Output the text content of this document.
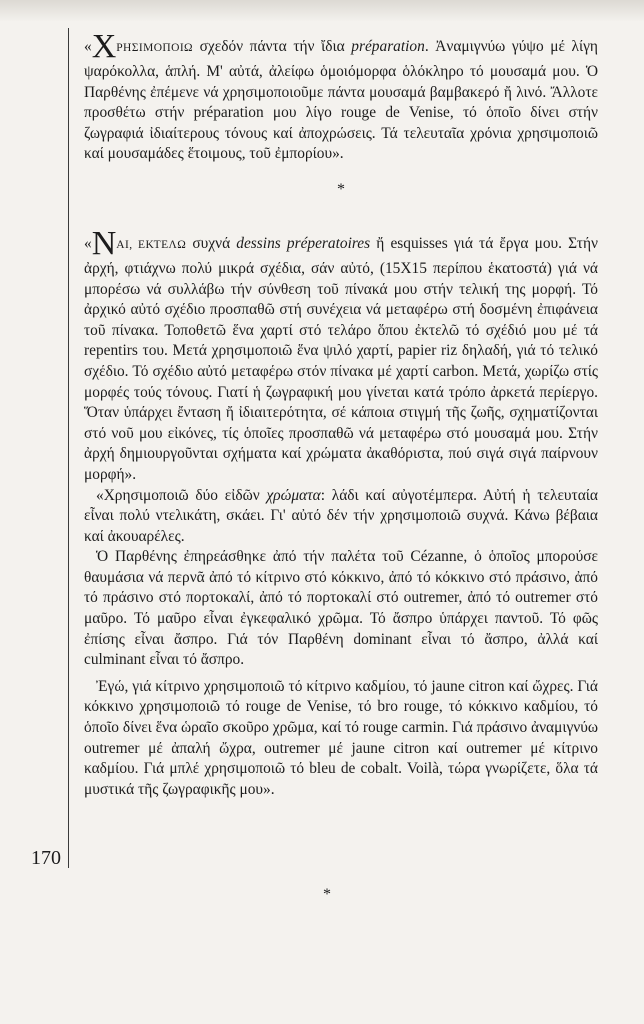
«ΧΡΗΣΙΜΟΠΟΙΩ σχεδόν πάντα τήν ἴδια préparation. Ἀναμιγνύω γύψο μέ λίγη ψαρόκολλα, ἁπλή. Μ' αὐτά, ἀλείφω ὁμοιόμορφα ὁλόκληρο τό μουσαμά μου. Ὁ Παρθένης ἐπέμενε νά χρησιμοποιοῦμε πάντα μουσαμά βαμβακερό ἤ λινό. Ἄλλοτε προσθέτω στήν préparation μου λίγο rouge de Venise, τό ὁποῖο δίνει στήν ζωγραφιά ἰδιαίτερους τόνους καί ἀποχρώσεις. Τά τελευταῖα χρόνια χρησιμοποιῶ καί μουσαμάδες ἕτοιμους, τοῦ ἐμπορίου».

*

«ΝΑΙ, ΕΚΤΕΛΩ συχνά dessins préperatoires ἤ esquisses γιά τά ἔργα μου. Στήν ἀρχή, φτιάχνω πολύ μικρά σχέδια, σάν αὐτό, (15Χ15 περίπου ἑκατοστά) γιά νά μπορέσω νά συλλάβω τήν σύνθεση τοῦ πίνακά μου στήν τελική της μορφή. Τό ἀρχικό αὐτό σχέδιο προσπαθῶ στή συνέχεια νά μεταφέρω στή δοσμένη ἐπιφάνεια τοῦ πίνακα. Τοποθετῶ ἕνα χαρτί στό τελάρο ὅπου ἐκτελῶ τό σχέδιό μου μέ τά repentirs του. Μετά χρησιμοποιῶ ἕνα ψιλό χαρτί, papier riz δηλαδή, γιά τό τελικό σχέδιο. Τό σχέδιο αὐτό μεταφέρω στόν πίνακα μέ χαρτί carbon. Μετά, χωρίζω στίς μορφές τούς τόνους. Γιατί ἡ ζωγραφική μου γίνεται κατά τρόπο ἀρκετά περίεργο. Ὅταν ὑπάρχει ἔνταση ἤ ἰδιαιτερότητα, σέ κάποια στιγμή τῆς ζωῆς, σχηματίζονται στό νοῦ μου εἰκόνες, τίς ὁποῖες προσπαθῶ νά μεταφέρω στό μουσαμά μου. Στήν ἀρχή δημιουργοῦνται σχήματα καί χρώματα ἀκαθόριστα, πού σιγά σιγά παίρνουν μορφή».

«Χρησιμοποιῶ δύο εἰδῶν χρώματα: λάδι καί αὐγοτέμπερα. Αὐτή ἡ τελευταία εἶναι πολύ ντελικάτη, σκάει. Γι' αὐτό δέν τήν χρησιμοποιῶ συχνά. Κάνω βέβαια καί ἀκουαρέλες.

Ὁ Παρθένης ἐπηρεάσθηκε ἀπό τήν παλέτα τοῦ Cézanne, ὁ ὁποῖος μπορούσε θαυμάσια νά περνᾶ ἀπό τό κίτρινο στό κόκκινο, ἀπό τό κόκκινο στό πράσινο, ἀπό τό πράσινο στό πορτοκαλί, ἀπό τό πορτοκαλί στό outremer, ἀπό τό outremer στό μαῦρο. Τό μαῦρο εἶναι ἐγκεφαλικό χρῶμα. Τό ἄσπρο ὑπάρχει παντοῦ. Τό φῶς ἐπίσης εἶναι ἄσπρο. Γιά τόν Παρθένη dominant εἶναι τό ἄσπρο, ἀλλά καί culminant εἶναι τό ἄσπρο.

Ἐγώ, γιά κίτρινο χρησιμοποιῶ τό κίτρινο καδμίου, τό jaune citron καί ὤχρες. Γιά κόκκινο χρησιμοποιῶ τό rouge de Venise, τό bro rouge, τό κόκκινο καδμίου, τό ὁποῖο δίνει ἕνα ὡραῖο σκοῦρο χρῶμα, καί τό rouge carmin. Γιά πράσινο ἀναμιγνύω outremer μέ ἀπαλή ὤχρα, outremer μέ jaune citron καί outremer μέ κίτρινο καδμίου. Γιά μπλέ χρησιμοποιῶ τό bleu de cobalt. Voilà, τώρα γνωρίζετε, ὅλα τά μυστικά τῆς ζωγραφικῆς μου».

170
*
